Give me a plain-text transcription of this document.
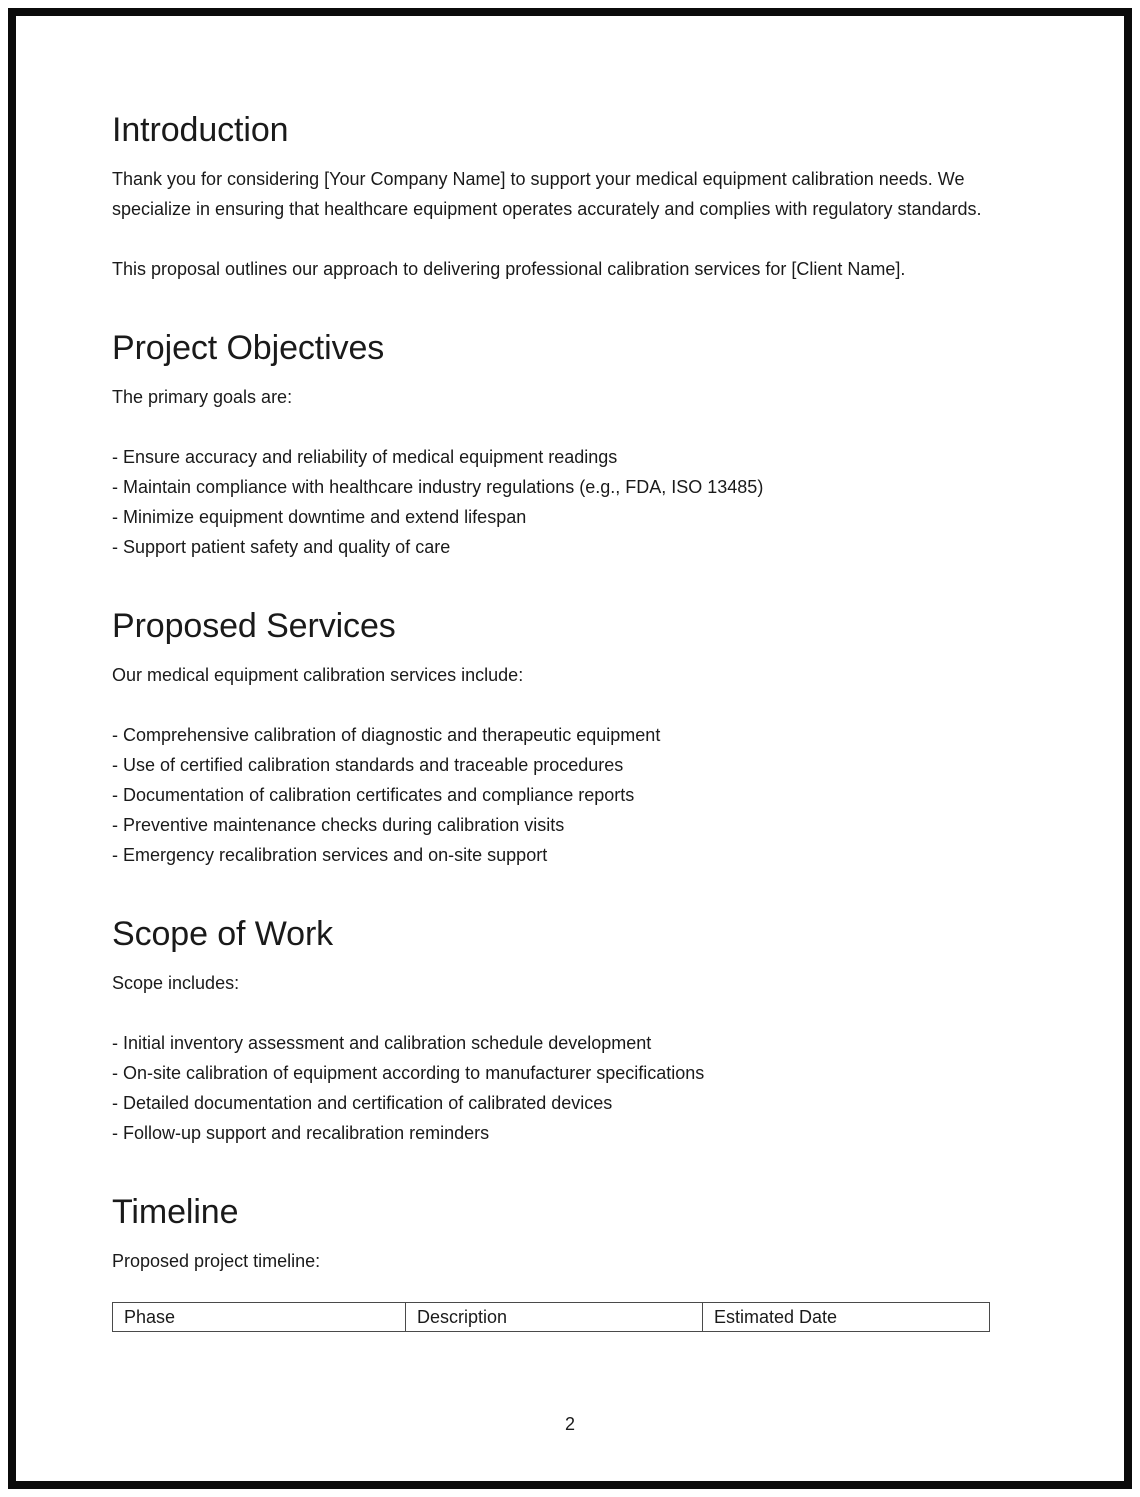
Introduction

Thank you for considering [Your Company Name] to support your medical equipment calibration needs. We specialize in ensuring that healthcare equipment operates accurately and complies with regulatory standards.

This proposal outlines our approach to delivering professional calibration services for [Client Name].

Project Objectives

The primary goals are:

- Ensure accuracy and reliability of medical equipment readings
- Maintain compliance with healthcare industry regulations (e.g., FDA, ISO 13485)
- Minimize equipment downtime and extend lifespan
- Support patient safety and quality of care
Proposed Services

Our medical equipment calibration services include:

- Comprehensive calibration of diagnostic and therapeutic equipment
- Use of certified calibration standards and traceable procedures
- Documentation of calibration certificates and compliance reports
- Preventive maintenance checks during calibration visits
- Emergency recalibration services and on-site support
Scope of Work

Scope includes:

- Initial inventory assessment and calibration schedule development
- On-site calibration of equipment according to manufacturer specifications
- Detailed documentation and certification of calibrated devices
- Follow-up support and recalibration reminders
Timeline

Proposed project timeline:

Phase	Description	Estimated Date
2
